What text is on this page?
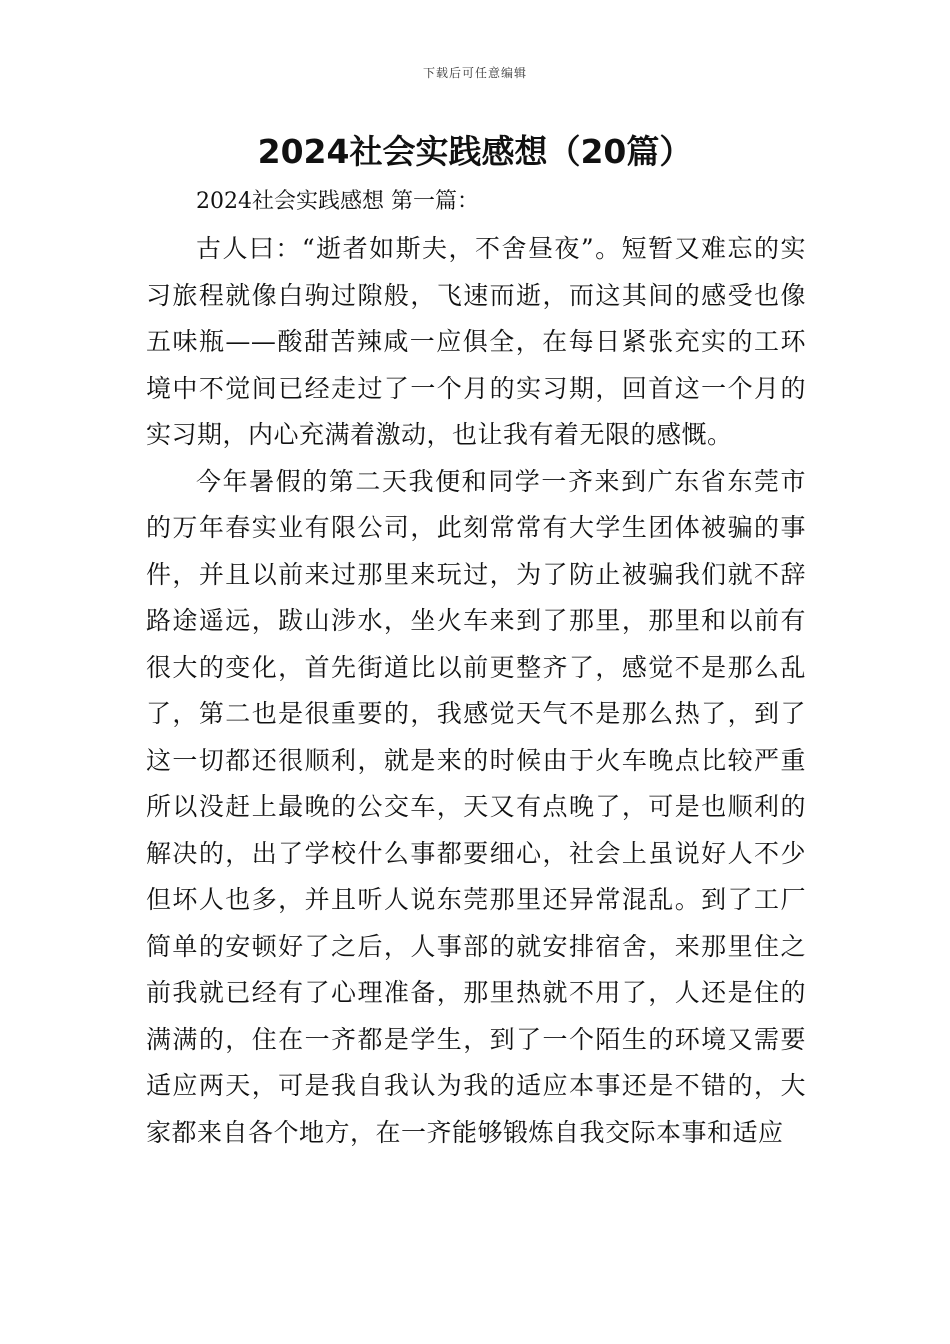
下载后可任意编辑
2024社会实践感想（20篇）
2024社会实践感想 第一篇：

古人曰：“逝者如斯夫，不舍昼夜”。短暂又难忘的实习旅程就像白驹过隙般，飞速而逝，而这其间的感受也像五味瓶——酸甜苦辣咸一应俱全，在每日紧张充实的工环境中不觉间已经走过了一个月的实习期，回首这一个月的实习期，内心充满着激动，也让我有着无限的感慨。

今年暑假的第二天我便和同学一齐来到广东省东莞市的万年春实业有限公司，此刻常常有大学生团体被骗的事件，并且以前来过那里来玩过，为了防止被骗我们就不辞路途遥远，跋山涉水，坐火车来到了那里，那里和以前有很大的变化，首先街道比以前更整齐了，感觉不是那么乱了，第二也是很重要的，我感觉天气不是那么热了，到了这一切都还很顺利，就是来的时候由于火车晚点比较严重所以没赶上最晚的公交车，天又有点晚了，可是也顺利的解决的，出了学校什么事都要细心，社会上虽说好人不少但坏人也多，并且听人说东莞那里还异常混乱。到了工厂简单的安顿好了之后，人事部的就安排宿舍，来那里住之前我就已经有了心理准备，那里热就不用了，人还是住的满满的，住在一齐都是学生，到了一个陌生的环境又需要适应两天，可是我自我认为我的适应本事还是不错的，大家都来自各个地方，在一齐能够锻炼自我交际本事和适应
